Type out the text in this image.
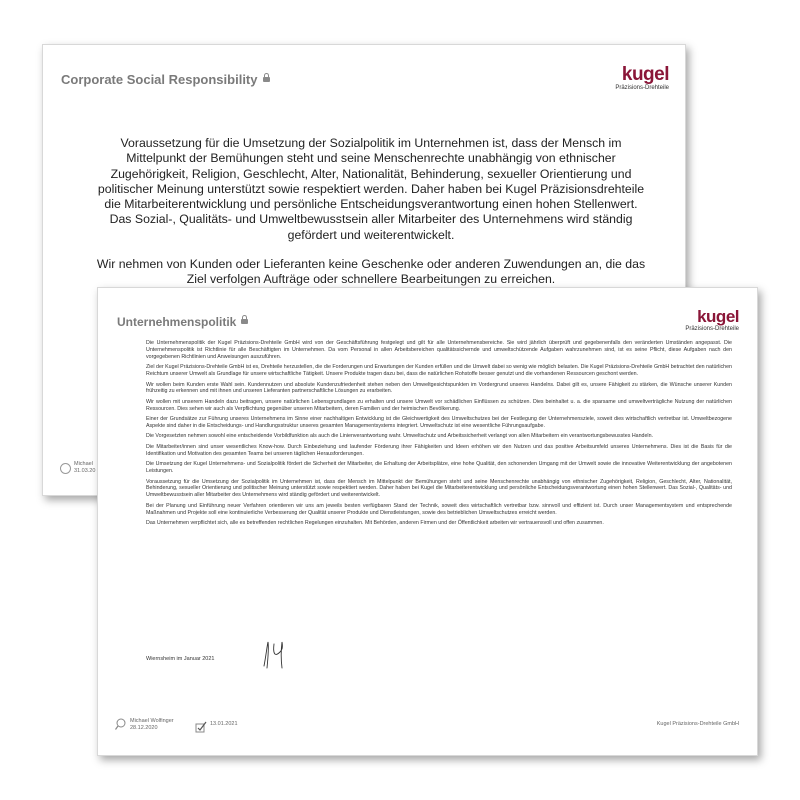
Corporate Social Responsibility	kugel
Präzisions-Drehteile

Voraussetzung für die Umsetzung der Sozialpolitik im Unternehmen ist, dass der Mensch im Mittelpunkt der Bemühungen steht und seine Menschenrechte unabhängig von ethnischer Zugehörigkeit, Religion, Geschlecht, Alter, Nationalität, Behinderung, sexueller Orientierung und politischer Meinung unterstützt sowie respektiert werden. Daher haben bei Kugel Präzisionsdrehteile die Mitarbeiterentwicklung und persönliche Entscheidungsverantwortung einen hohen Stellenwert. Das Sozial-, Qualitäts- und Umweltbewusstsein aller Mitarbeiter des Unternehmens wird ständig gefördert und weiterentwickelt.

Wir nehmen von Kunden oder Lieferanten keine Geschenke oder anderen Zuwendungen an, die das Ziel verfolgen Aufträge oder schnellere Bearbeitungen zu erreichen.

Michael
31.03.20
Unternehmenspolitik	kugel
Präzisions-Drehteile

Die Unternehmenspolitik der Kugel Präzisions-Drehteile GmbH wird von der Geschäftsführung festgelegt und gilt für alle Unternehmensbereiche. Sie wird jährlich überprüft und gegebenenfalls den veränderten Umständen angepasst. Die Unternehmenspolitik ist Richtlinie für alle Beschäftigten im Unternehmen. Da vom Personal in allen Arbeitsbereichen qualitätssichernde und umweltschützende Aufgaben wahrzunehmen sind, ist es seine Pflicht, diese Aufgaben nach den vorgegebenen Richtlinien und Anweisungen auszuführen.

Ziel der Kugel Präzisions-Drehteile GmbH ist es, Drehteile herzustellen, die die Forderungen und Erwartungen der Kunden erfüllen und die Umwelt dabei so wenig wie möglich belasten. Die Kugel Präzisions-Drehteile GmbH betrachtet den natürlichen Reichtum unserer Umwelt als Grundlage für unsere wirtschaftliche Tätigkeit. Unsere Produkte tragen dazu bei, dass die natürlichen Rohstoffe besser genutzt und die vorhandenen Ressourcen geschont werden.

Wir wollen beim Kunden erste Wahl sein. Kundennutzen und absolute Kundenzufriedenheit stehen neben den Umweltgesichtspunkten im Vordergrund unseres Handelns. Dabei gilt es, unsere Fähigkeit zu stärken, die Wünsche unserer Kunden frühzeitig zu erkennen und mit ihnen und unseren Lieferanten partnerschaftliche Lösungen zu erarbeiten.

Wir wollen mit unserem Handeln dazu beitragen, unsere natürlichen Lebensgrundlagen zu erhalten und unsere Umwelt vor schädlichen Einflüssen zu schützen. Dies beinhaltet u. a. die sparsame und umweltverträgliche Nutzung der natürlichen Ressourcen. Dies sehen wir auch als Verpflichtung gegenüber unseren Mitarbeitern, deren Familien und der heimischen Bevölkerung.

Einer der Grundsätze zur Führung unseres Unternehmens im Sinne einer nachhaltigen Entwicklung ist die Gleichwertigkeit des Umweltschutzes bei der Festlegung der Unternehmensziele, soweit dies wirtschaftlich vertretbar ist. Umweltbezogene Aspekte sind daher in die Entscheidungs- und Handlungsstruktur unseres gesamten Managementsystems integriert. Umweltschutz ist eine wesentliche Führungsaufgabe.

Die Vorgesetzten nehmen sowohl eine entscheidende Vorbildfunktion als auch die Linienverantwortung wahr. Umweltschutz und Arbeitssicherheit verlangt von allen Mitarbeitern ein verantwortungsbewusstes Handeln.

Die Mitarbeiter/innen sind unser wesentliches Know-how. Durch Einbeziehung und laufender Förderung ihrer Fähigkeiten und Ideen erhöhen wir den Nutzen und das positive Arbeitsumfeld unseres Unternehmens. Dies ist die Basis für die Identifikation und Motivation des gesamten Teams bei unseren täglichen Herausforderungen.

Die Umsetzung der Kugel Unternehmens- und Sozialpolitik fördert die Sicherheit der Mitarbeiter, die Erhaltung der Arbeitsplätze, eine hohe Qualität, den schonenden Umgang mit der Umwelt sowie die innovative Weiterentwicklung der angebotenen Leistungen.

Voraussetzung für die Umsetzung der Sozialpolitik im Unternehmen ist, dass der Mensch im Mittelpunkt der Bemühungen steht und seine Menschenrechte unabhängig von ethnischer Zugehörigkeit, Religion, Geschlecht, Alter, Nationalität, Behinderung, sexueller Orientierung und politischer Meinung unterstützt sowie respektiert werden. Daher haben bei Kugel die Mitarbeiterentwicklung und persönliche Entscheidungsverantwortung einen hohen Stellenwert. Das Sozial-, Qualitäts- und Umweltbewusstsein aller Mitarbeiter des Unternehmens wird ständig gefördert und weiterentwickelt.

Bei der Planung und Einführung neuer Verfahren orientieren wir uns am jeweils besten verfügbaren Stand der Technik, soweit dies wirtschaftlich vertretbar bzw. sinnvoll und effizient ist. Durch unser Managementsystem und entsprechende Maßnahmen und Projekte soll eine kontinuierliche Verbesserung der Qualität unserer Produkte und Dienstleistungen, sowie des betrieblichen Umweltschutzes erreicht werden.

Das Unternehmen verpflichtet sich, alle es betreffenden rechtlichen Regelungen einzuhalten. Mit Behörden, anderen Firmen und der Öffentlichkeit arbeiten wir vertrauensvoll und offen zusammen.

Wiernsheim im Januar 2021
Michael Wolfinger
28.12.2020
13.01.2021	Kugel Präzisions-Drehteile GmbH
